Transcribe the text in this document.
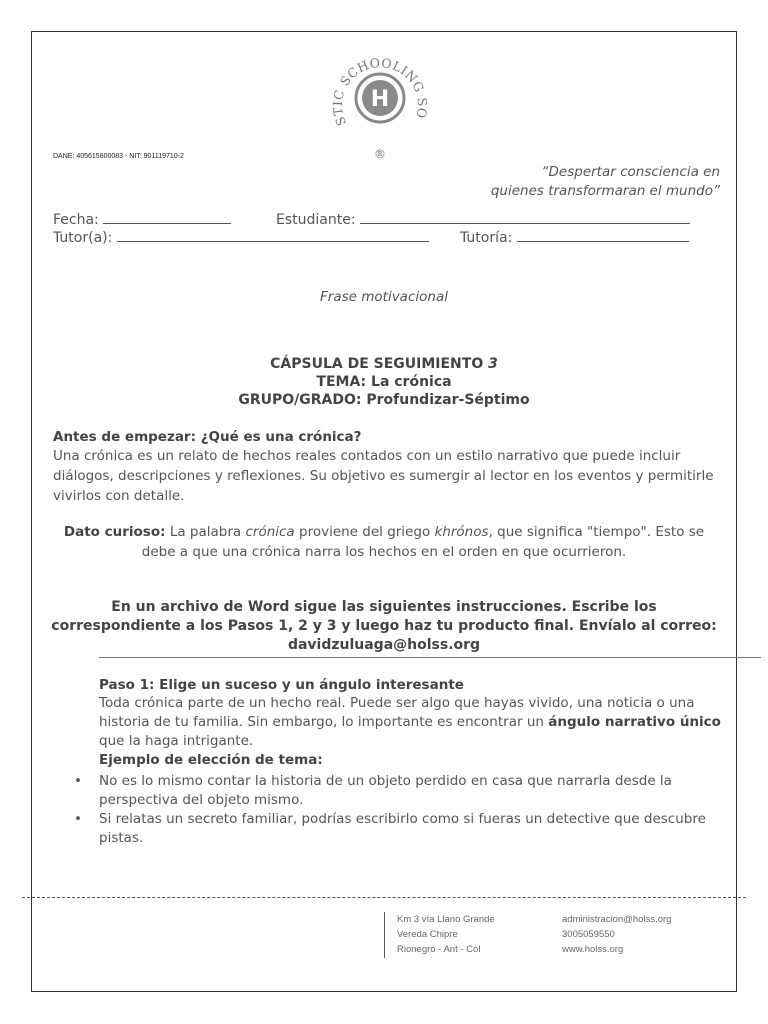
STIC SCHOOLING SO
H
®
DANE: 405615800083 - NIT: 901119710-2
“Despertar consciencia en
quienes transformaran el mundo”
Fecha:	Estudiante:
Tutor(a):	Tutoría:
Frase motivacional
CÁPSULA DE SEGUIMIENTO 3
TEMA: La crónica
GRUPO/GRADO: Profundizar-Séptimo
Antes de empezar: ¿Qué es una crónica?
Una crónica es un relato de hechos reales contados con un estilo narrativo que puede incluir diálogos, descripciones y reflexiones. Su objetivo es sumergir al lector en los eventos y permitirle vivirlos con detalle.
Dato curioso: La palabra crónica proviene del griego khrónos, que significa "tiempo". Esto se debe a que una crónica narra los hechos en el orden en que ocurrieron.
En un archivo de Word sigue las siguientes instrucciones. Escribe los
correspondiente a los Pasos 1, 2 y 3 y luego haz tu producto final. Envíalo al correo:
davidzuluaga@holss.org
Paso 1: Elige un suceso y un ángulo interesante
Toda crónica parte de un hecho real. Puede ser algo que hayas vivido, una noticia o una historia de tu familia. Sin embargo, lo importante es encontrar un ángulo narrativo único que la haga intrigante.
Ejemplo de elección de tema:
• No es lo mismo contar la historia de un objeto perdido en casa que narrarla desde la perspectiva del objeto mismo.
• Si relatas un secreto familiar, podrías escribirlo como si fueras un detective que descubre pistas.
Km 3 vía Llano Grande
Vereda Chipre
Rionegro - Ant - Col
administracion@holss.org
3005059550
www.holss.org
